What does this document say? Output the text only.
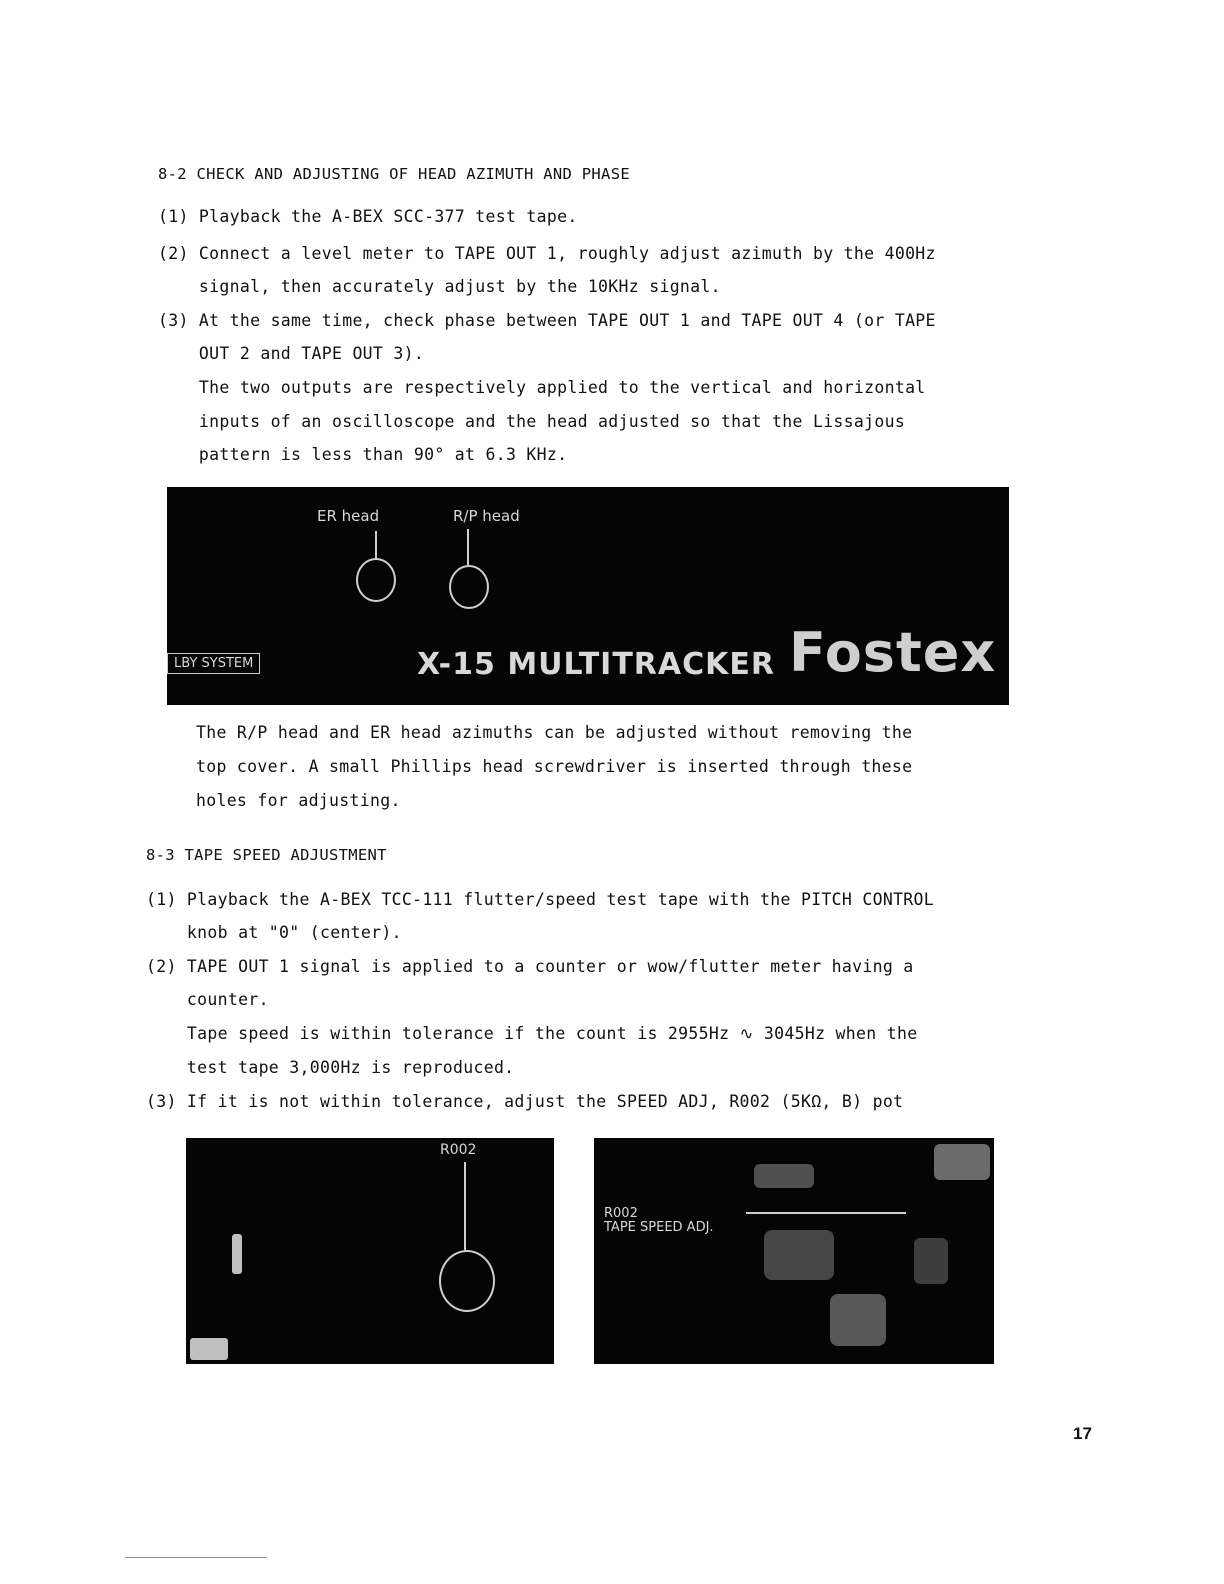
8-2 CHECK AND ADJUSTING OF HEAD AZIMUTH AND PHASE
(1) Playback the A-BEX SCC-377 test tape.
(2) Connect a level meter to TAPE OUT 1, roughly adjust azimuth by the 400Hz
signal, then accurately adjust by the 10KHz signal.
(3) At the same time, check phase between TAPE OUT 1 and TAPE OUT 4 (or TAPE
OUT 2 and TAPE OUT 3).
The two outputs are respectively applied to the vertical and horizontal
inputs of an oscilloscope and the head adjusted so that the Lissajous
pattern is less than 90° at 6.3 KHz.
ER head	R/P head
LBY SYSTEM	X-15 MULTITRACKER Fostex
The R/P head and ER head azimuths can be adjusted without removing the
top cover. A small Phillips head screwdriver is inserted through these
holes for adjusting.
8-3 TAPE SPEED ADJUSTMENT
(1) Playback the A-BEX TCC-111 flutter/speed test tape with the PITCH CONTROL
knob at "0" (center).
(2) TAPE OUT 1 signal is applied to a counter or wow/flutter meter having a
counter.
Tape speed is within tolerance if the count is 2955Hz ∿ 3045Hz when the
test tape 3,000Hz is reproduced.
(3) If it is not within tolerance, adjust the SPEED ADJ, R002 (5KΩ, B) pot
R002
R002
TAPE SPEED ADJ.
17
